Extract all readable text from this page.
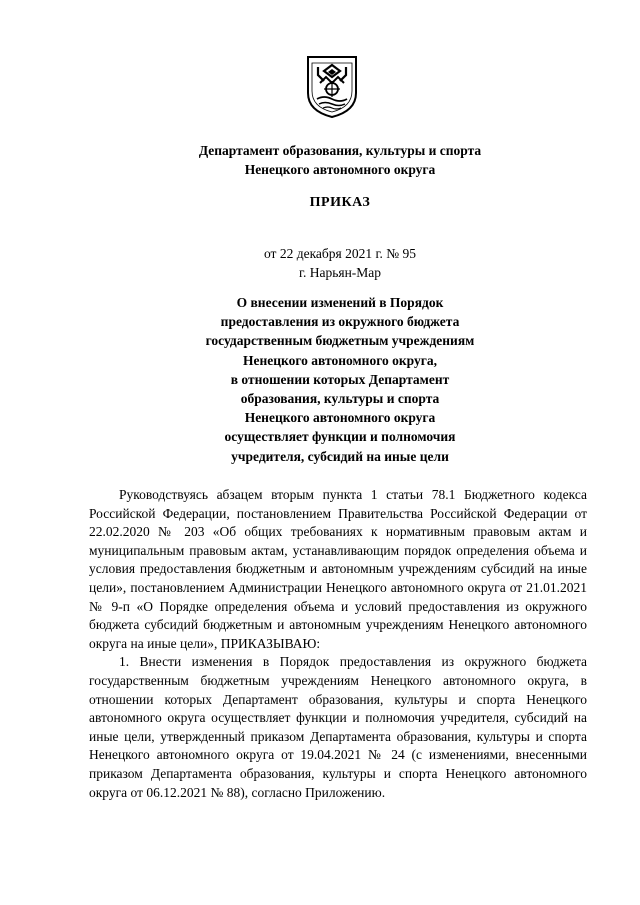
Департамент образования, культуры и спорта
Ненецкого автономного округа
ПРИКАЗ
от 22 декабря 2021 г. № 95
г. Нарьян-Мар
О внесении изменений в Порядок
предоставления из окружного бюджета
государственным бюджетным учреждениям
Ненецкого автономного округа,
в отношении которых Департамент
образования, культуры и спорта
Ненецкого автономного округа
осуществляет функции и полномочия
учредителя, субсидий на иные цели

Руководствуясь абзацем вторым пункта 1 статьи 78.1 Бюджетного кодекса Российской Федерации, постановлением Правительства Российской Федерации от 22.02.2020 № 203 «Об общих требованиях к нормативным правовым актам и муниципальным правовым актам, устанавливающим порядок определения объема и условия предоставления бюджетным и автономным учреждениям субсидий на иные цели», постановлением Администрации Ненецкого автономного округа от 21.01.2021 № 9-п «О Порядке определения объема и условий предоставления из окружного бюджета субсидий бюджетным и автономным учреждениям Ненецкого автономного округа на иные цели», ПРИКАЗЫВАЮ:

1. Внести изменения в Порядок предоставления из окружного бюджета государственным бюджетным учреждениям Ненецкого автономного округа, в отношении которых Департамент образования, культуры и спорта Ненецкого автономного округа осуществляет функции и полномочия учредителя, субсидий на иные цели, утвержденный приказом Департамента образования, культуры и спорта Ненецкого автономного округа от 19.04.2021 № 24 (с изменениями, внесенными приказом Департамента образования, культуры и спорта Ненецкого автономного округа от 06.12.2021 № 88), согласно Приложению.
